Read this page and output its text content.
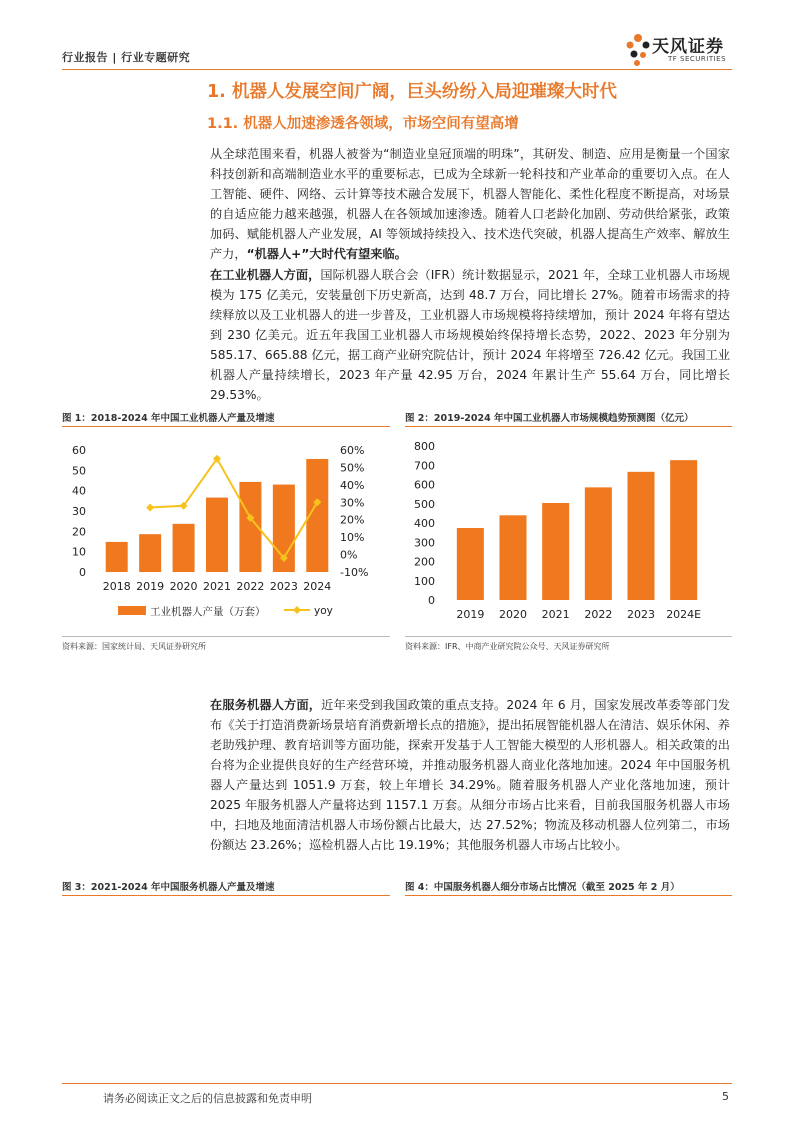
行业报告 | 行业专题研究
天风证券
TF SECURITIES
1. 机器人发展空间广阔，巨头纷纷入局迎璀璨大时代
1.1. 机器人加速渗透各领域，市场空间有望高增
从全球范围来看，机器人被誉为“制造业皇冠顶端的明珠”，其研发、制造、应用是衡量一个国家科技创新和高端制造业水平的重要标志，已成为全球新一轮科技和产业革命的重要切入点。在人工智能、硬件、网络、云计算等技术融合发展下，机器人智能化、柔性化程度不断提高，对场景的自适应能力越来越强，机器人在各领域加速渗透。随着人口老龄化加剧、劳动供给紧张，政策加码、赋能机器人产业发展，AI 等领域持续投入、技术迭代突破，机器人提高生产效率、解放生产力，“机器人+”大时代有望来临。
在工业机器人方面，国际机器人联合会（IFR）统计数据显示，2021 年，全球工业机器人市场规模为 175 亿美元，安装量创下历史新高，达到 48.7 万台，同比增长 27%。随着市场需求的持续释放以及工业机器人的进一步普及，工业机器人市场规模将持续增加，预计 2024 年将有望达到 230 亿美元。近五年我国工业机器人市场规模始终保持增长态势，2022、2023 年分别为 585.17、665.88 亿元，据工商产业研究院估计，预计 2024 年将增至 726.42 亿元。我国工业机器人产量持续增长，2023 年产量 42.95 万台，2024 年累计生产 55.64 万台，同比增长 29.53%。
图 1：2018-2024 年中国工业机器人产量及增速	图 2：2019-2024 年中国工业机器人市场规模趋势预测图（亿元）
0
10
20
30
40
50
60
-10%
0%
10%
20%
30%
40%
50%
60%
2018 2019 2020 2021 2022 2023 2024
工业机器人产量（万套）	yoy
0
100
200
300
400
500
600
700
800
2019 2020 2021 2022 2023 2024E
资料来源：国家统计局、天风证券研究所	资料来源：IFR、中商产业研究院公众号、天风证券研究所
在服务机器人方面，近年来受到我国政策的重点支持。2024 年 6 月，国家发展改革委等部门发布《关于打造消费新场景培育消费新增长点的措施》，提出拓展智能机器人在清洁、娱乐休闲、养老助残护理、教育培训等方面功能，探索开发基于人工智能大模型的人形机器人。相关政策的出台将为企业提供良好的生产经营环境，并推动服务机器人商业化落地加速。2024 年中国服务机器人产量达到 1051.9 万套，较上年增长 34.29%。随着服务机器人产业化落地加速，预计 2025 年服务机器人产量将达到 1157.1 万套。从细分市场占比来看，目前我国服务机器人市场中，扫地及地面清洁机器人市场份额占比最大，达 27.52%；物流及移动机器人位列第二，市场份额达 23.26%；巡检机器人占比 19.19%；其他服务机器人市场占比较小。
图 3：2021-2024 年中国服务机器人产量及增速	图 4：中国服务机器人细分市场占比情况（截至 2025 年 2 月）
请务必阅读正文之后的信息披露和免责申明	5
